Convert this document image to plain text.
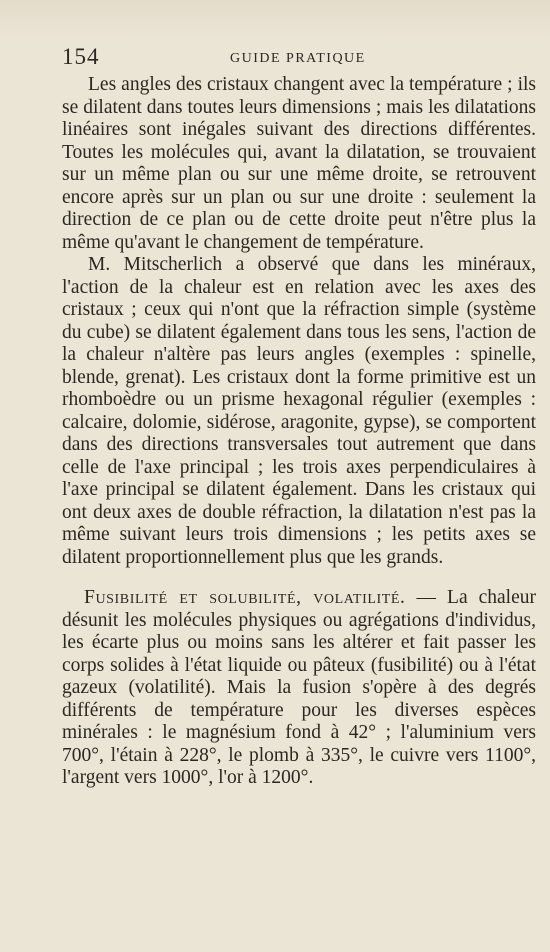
154	GUIDE PRATIQUE

Les angles des cristaux changent avec la température ; ils se dilatent dans toutes leurs dimensions ; mais les dilatations linéaires sont inégales suivant des directions différentes. Toutes les molécules qui, avant la dilatation, se trouvaient sur un même plan ou sur une même droite, se retrouvent encore après sur un plan ou sur une droite : seulement la direction de ce plan ou de cette droite peut n'être plus la même qu'avant le changement de température.

M. Mitscherlich a observé que dans les minéraux, l'action de la chaleur est en relation avec les axes des cristaux ; ceux qui n'ont que la réfraction simple (système du cube) se dilatent également dans tous les sens, l'action de la chaleur n'altère pas leurs angles (exemples : spinelle, blende, grenat). Les cristaux dont la forme primitive est un rhomboèdre ou un prisme hexagonal régulier (exemples : calcaire, dolomie, sidérose, aragonite, gypse), se comportent dans des directions transversales tout autrement que dans celle de l'axe principal ; les trois axes perpendiculaires à l'axe principal se dilatent également. Dans les cristaux qui ont deux axes de double réfraction, la dilatation n'est pas la même suivant leurs trois dimensions ; les petits axes se dilatent proportionnellement plus que les grands.

Fusibilité et solubilité, volatilité. — La chaleur désunit les molécules physiques ou agrégations d'individus, les écarte plus ou moins sans les altérer et fait passer les corps solides à l'état liquide ou pâteux (fusibilité) ou à l'état gazeux (volatilité). Mais la fusion s'opère à des degrés différents de température pour les diverses espèces minérales : le magnésium fond à 42° ; l'aluminium vers 700°, l'étain à 228°, le plomb à 335°, le cuivre vers 1100°, l'argent vers 1000°, l'or à 1200°.
